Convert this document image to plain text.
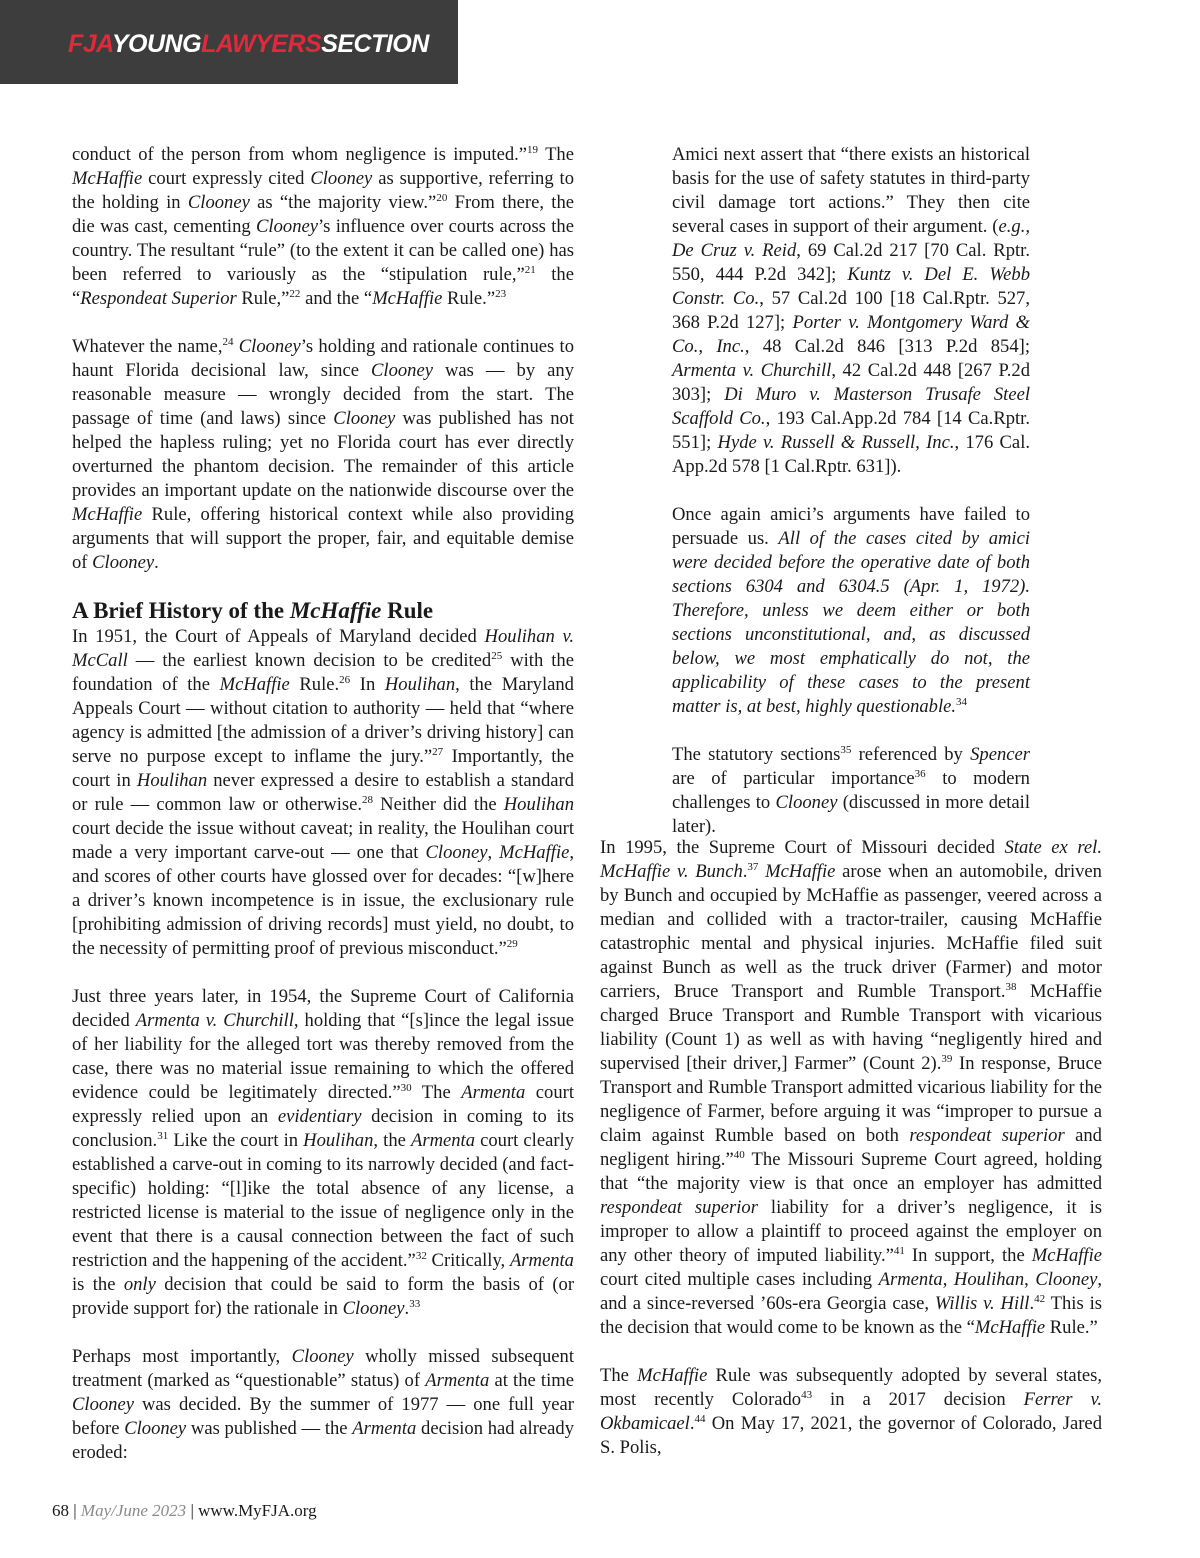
FJAYOUNGLAWYERSSECTION

conduct of the person from whom negligence is imputed.”$^{19}$ The McHaffie court expressly cited Clooney as supportive, referring to the holding in Clooney as “the majority view.”$^{20}$ From there, the die was cast, cementing Clooney’s influence over courts across the country. The resultant “rule” (to the extent it can be called one) has been referred to variously as the “stipulation rule,”$^{21}$ the “Respondeat Superior Rule,”$^{22}$ and the “McHaffie Rule.”$^{23}$

Whatever the name,$^{24}$ Clooney’s holding and rationale continues to haunt Florida decisional law, since Clooney was — by any reasonable measure — wrongly decided from the start. The passage of time (and laws) since Clooney was published has not helped the hapless ruling; yet no Florida court has ever directly overturned the phantom decision. The remainder of this article provides an important update on the nationwide discourse over the McHaffie Rule, offering historical context while also providing arguments that will support the proper, fair, and equitable demise of Clooney.

A Brief History of the McHaffie Rule

In 1951, the Court of Appeals of Maryland decided Houlihan v. McCall — the earliest known decision to be credited$^{25}$ with the foundation of the McHaffie Rule.$^{26}$ In Houlihan, the Maryland Appeals Court — without citation to authority — held that “where agency is admitted [the admission of a driver’s driving history] can serve no purpose except to inflame the jury.”$^{27}$ Importantly, the court in Houlihan never expressed a desire to establish a standard or rule — common law or otherwise.$^{28}$ Neither did the Houlihan court decide the issue without caveat; in reality, the Houlihan court made a very important carve-out — one that Clooney, McHaffie, and scores of other courts have glossed over for decades: “[w]here a driver’s known incompetence is in issue, the exclusionary rule [prohibiting admission of driving records] must yield, no doubt, to the necessity of permitting proof of previous misconduct.”$^{29}$

Just three years later, in 1954, the Supreme Court of California decided Armenta v. Churchill, holding that “[s]ince the legal issue of her liability for the alleged tort was thereby removed from the case, there was no material issue remaining to which the offered evidence could be legitimately directed.”$^{30}$ The Armenta court expressly relied upon an evidentiary decision in coming to its conclusion.$^{31}$ Like the court in Houlihan, the Armenta court clearly established a carve-out in coming to its narrowly decided (and fact-specific) holding: “[l]ike the total absence of any license, a restricted license is material to the issue of negligence only in the event that there is a causal connection between the fact of such restriction and the happening of the accident.”$^{32}$ Critically, Armenta is the only decision that could be said to form the basis of (or provide support for) the rationale in Clooney.$^{33}$

Perhaps most importantly, Clooney wholly missed subsequent treatment (marked as “questionable” status) of Armenta at the time Clooney was decided. By the summer of 1977 — one full year before Clooney was published — the Armenta decision had already eroded:

Amici next assert that “there exists an historical basis for the use of safety statutes in third-party civil damage tort actions.” They then cite several cases in support of their argument. (e.g., De Cruz v. Reid, 69 Cal.2d 217 [70 Cal. Rptr. 550, 444 P.2d 342]; Kuntz v. Del E. Webb Constr. Co., 57 Cal.2d 100 [18 Cal.Rptr. 527, 368 P.2d 127]; Porter v. Montgomery Ward & Co., Inc., 48 Cal.2d 846 [313 P.2d 854]; Armenta v. Churchill, 42 Cal.2d 448 [267 P.2d 303]; Di Muro v. Masterson Trusafe Steel Scaffold Co., 193 Cal.App.2d 784 [14 Ca.Rptr. 551]; Hyde v. Russell & Russell, Inc., 176 Cal. App.2d 578 [1 Cal.Rptr. 631]).

Once again amici’s arguments have failed to persuade us. All of the cases cited by amici were decided before the operative date of both sections 6304 and 6304.5 (Apr. 1, 1972). Therefore, unless we deem either or both sections unconstitutional, and, as discussed below, we most emphatically do not, the applicability of these cases to the present matter is, at best, highly questionable.$^{34}$

The statutory sections$^{35}$ referenced by Spencer are of particular importance$^{36}$ to modern challenges to Clooney (discussed in more detail later).

In 1995, the Supreme Court of Missouri decided State ex rel. McHaffie v. Bunch.$^{37}$ McHaffie arose when an automobile, driven by Bunch and occupied by McHaffie as passenger, veered across a median and collided with a tractor-trailer, causing McHaffie catastrophic mental and physical injuries. McHaffie filed suit against Bunch as well as the truck driver (Farmer) and motor carriers, Bruce Transport and Rumble Transport.$^{38}$ McHaffie charged Bruce Transport and Rumble Transport with vicarious liability (Count 1) as well as with having “negligently hired and supervised [their driver,] Farmer” (Count 2).$^{39}$ In response, Bruce Transport and Rumble Transport admitted vicarious liability for the negligence of Farmer, before arguing it was “improper to pursue a claim against Rumble based on both respondeat superior and negligent hiring.”$^{40}$ The Missouri Supreme Court agreed, holding that “the majority view is that once an employer has admitted respondeat superior liability for a driver’s negligence, it is improper to allow a plaintiff to proceed against the employer on any other theory of imputed liability.”$^{41}$ In support, the McHaffie court cited multiple cases including Armenta, Houlihan, Clooney, and a since-reversed ’60s-era Georgia case, Willis v. Hill.$^{42}$ This is the decision that would come to be known as the “McHaffie Rule.”

The McHaffie Rule was subsequently adopted by several states, most recently Colorado$^{43}$ in a 2017 decision Ferrer v. Okbamicael.$^{44}$ On May 17, 2021, the governor of Colorado, Jared S. Polis,

68 | May/June 2023 | www.MyFJA.org
